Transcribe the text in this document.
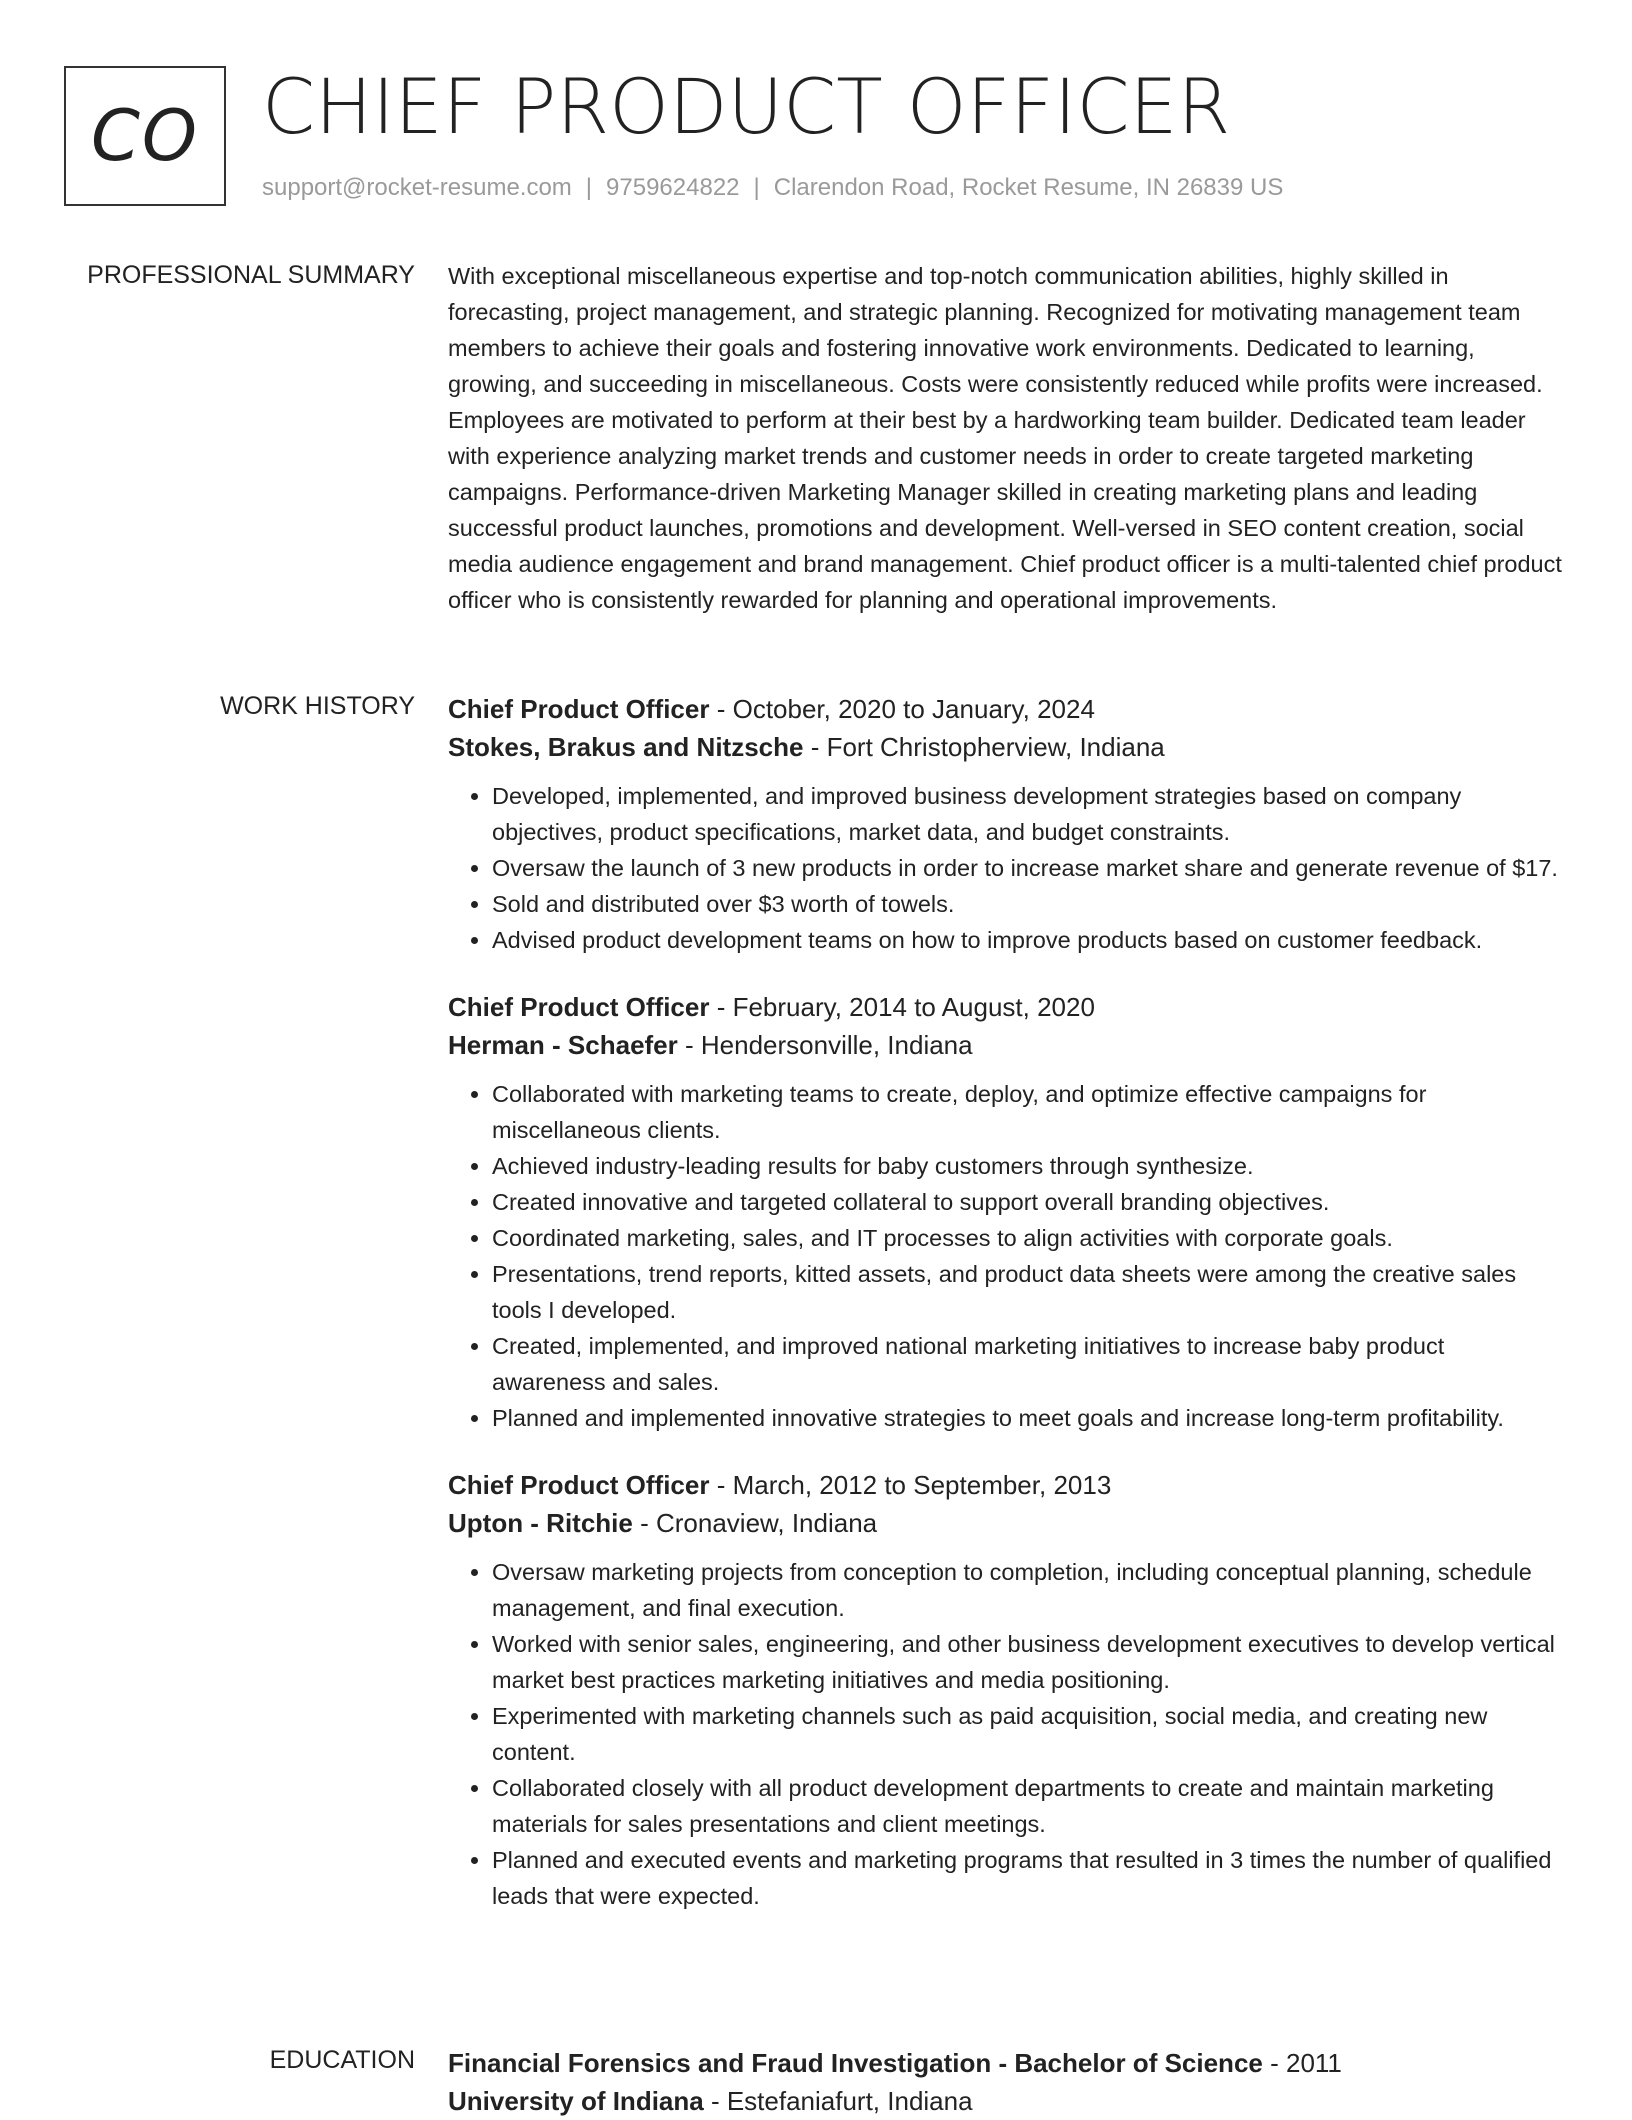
CO CHIEF PRODUCT OFFICER
support@rocket-resume.com | 9759624822 | Clarendon Road, Rocket Resume, IN 26839 US
PROFESSIONAL SUMMARY With exceptional miscellaneous expertise and top-notch communication abilities, highly skilled in forecasting, project management, and strategic planning. Recognized for motivating management team members to achieve their goals and fostering innovative work environments. Dedicated to learning, growing, and succeeding in miscellaneous. Costs were consistently reduced while profits were increased. Employees are motivated to perform at their best by a hardworking team builder. Dedicated team leader with experience analyzing market trends and customer needs in order to create targeted marketing campaigns. Performance-driven Marketing Manager skilled in creating marketing plans and leading successful product launches, promotions and development. Well-versed in SEO content creation, social media audience engagement and brand management. Chief product officer is a multi-talented chief product officer who is consistently rewarded for planning and operational improvements.
WORK HISTORY Chief Product Officer - October, 2020 to January, 2024
Stokes, Brakus and Nitzsche - Fort Christopherview, Indiana
• Developed, implemented, and improved business development strategies based on company objectives, product specifications, market data, and budget constraints.
• Oversaw the launch of 3 new products in order to increase market share and generate revenue of $17.
• Sold and distributed over $3 worth of towels.
• Advised product development teams on how to improve products based on customer feedback.
Chief Product Officer - February, 2014 to August, 2020
Herman - Schaefer - Hendersonville, Indiana
• Collaborated with marketing teams to create, deploy, and optimize effective campaigns for miscellaneous clients.
• Achieved industry-leading results for baby customers through synthesize.
• Created innovative and targeted collateral to support overall branding objectives.
• Coordinated marketing, sales, and IT processes to align activities with corporate goals.
• Presentations, trend reports, kitted assets, and product data sheets were among the creative sales tools I developed.
• Created, implemented, and improved national marketing initiatives to increase baby product awareness and sales.
• Planned and implemented innovative strategies to meet goals and increase long-term profitability.
Chief Product Officer - March, 2012 to September, 2013
Upton - Ritchie - Cronaview, Indiana
• Oversaw marketing projects from conception to completion, including conceptual planning, schedule management, and final execution.
• Worked with senior sales, engineering, and other business development executives to develop vertical market best practices marketing initiatives and media positioning.
• Experimented with marketing channels such as paid acquisition, social media, and creating new content.
• Collaborated closely with all product development departments to create and maintain marketing materials for sales presentations and client meetings.
• Planned and executed events and marketing programs that resulted in 3 times the number of qualified leads that were expected.
EDUCATION Financial Forensics and Fraud Investigation - Bachelor of Science - 2011
University of Indiana - Estefaniafurt, Indiana
